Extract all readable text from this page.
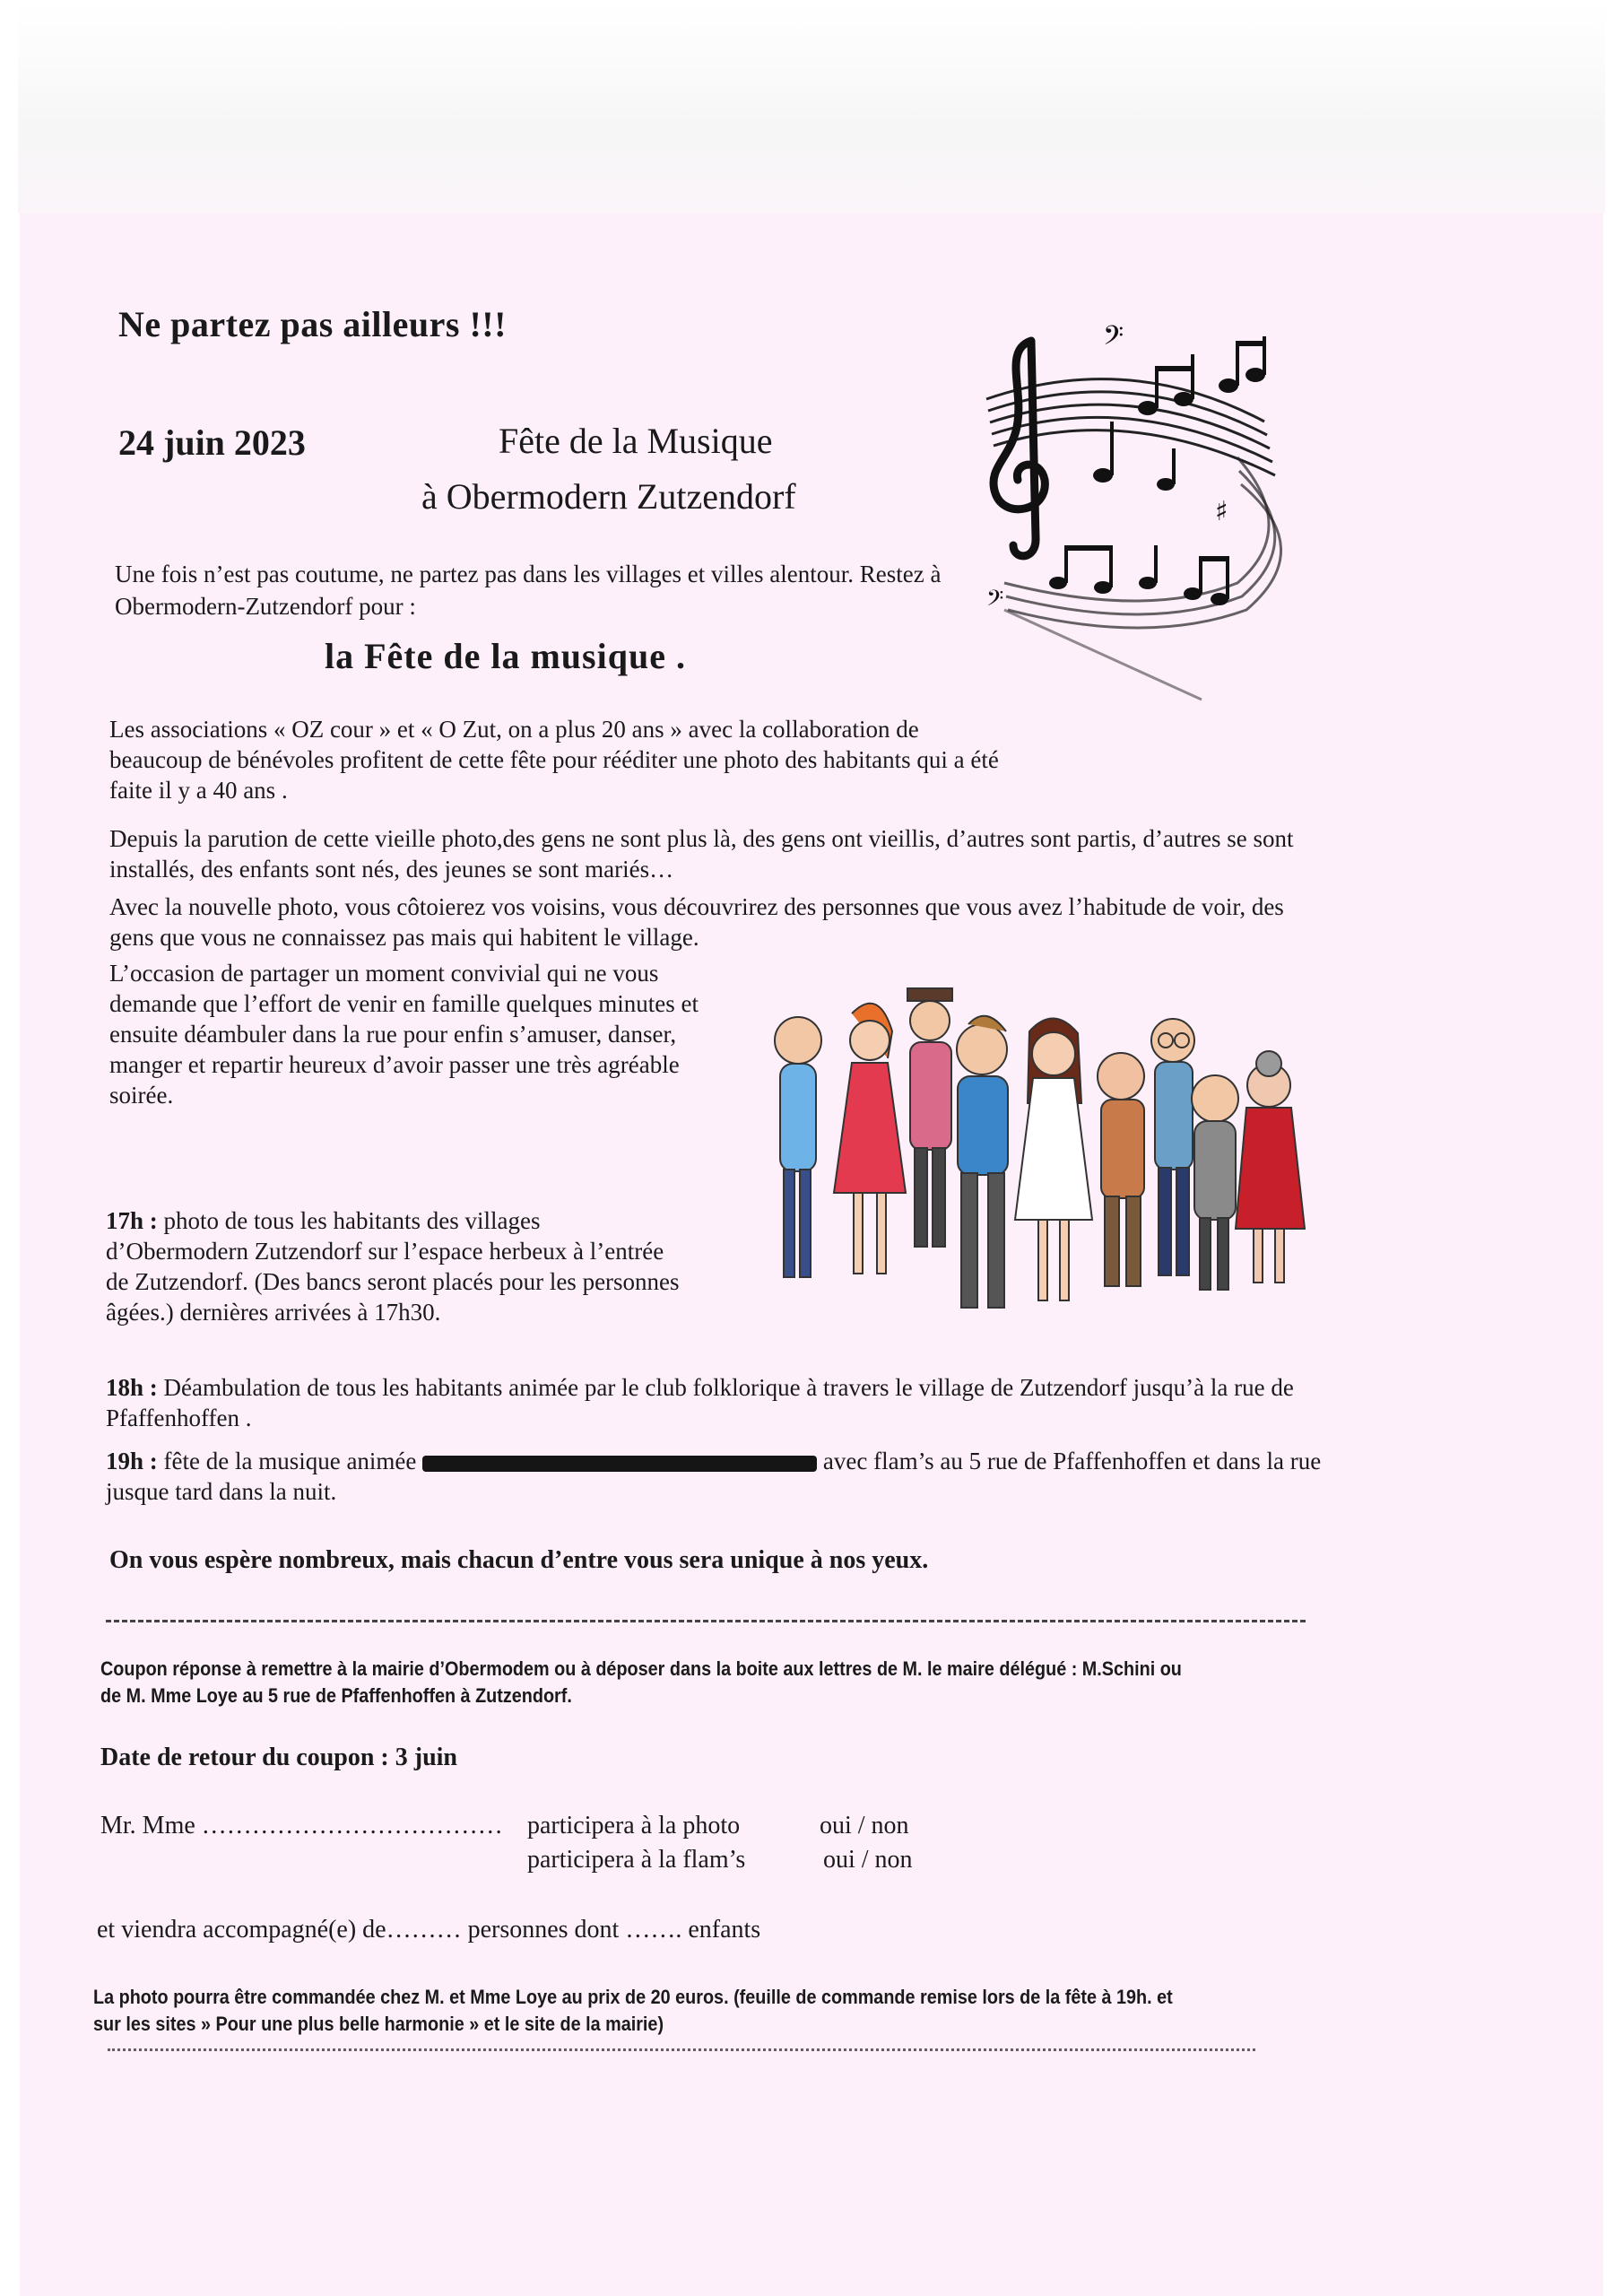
Ne partez pas ailleurs !!!
24 juin 2023	Fête de la Musique
à Obermodern Zutzendorf
𝄢
♯
𝄢
Une fois n’est pas coutume, ne partez pas dans les villages et villes alentour. Restez à Obermodern-Zutzendorf pour :
la Fête de la musique .
Les associations « OZ cour » et « O Zut, on a plus 20 ans » avec la collaboration de beaucoup de bénévoles profitent de cette fête pour rééditer une photo des habitants qui a été faite il y a 40 ans .
Depuis la parution de cette vieille photo,des gens ne sont plus là, des gens ont vieillis, d’autres sont partis, d’autres se sont installés, des enfants sont nés, des jeunes se sont mariés…
Avec la nouvelle photo, vous côtoierez vos voisins, vous découvrirez des personnes que vous avez l’habitude de voir, des gens que vous ne connaissez pas mais qui habitent le village.
L’occasion de partager un moment convivial qui ne vous demande que l’effort de venir en famille quelques minutes et ensuite déambuler dans la rue pour enfin s’amuser, danser, manger et repartir heureux d’avoir passer une très agréable soirée.
17h : photo de tous les habitants des villages d’Obermodern Zutzendorf sur l’espace herbeux à l’entrée de Zutzendorf. (Des bancs seront placés pour les personnes âgées.) dernières arrivées à 17h30.
18h : Déambulation de tous les habitants animée par le club folklorique à travers le village de Zutzendorf jusqu’à la rue de Pfaffenhoffen .
19h : fête de la musique animée	avec flam’s au 5 rue de Pfaffenhoffen et dans la rue jusque tard dans la nuit.
On vous espère nombreux, mais chacun d’entre vous sera unique à nos yeux.
Coupon réponse à remettre à la mairie d’Obermodem ou à déposer dans la boite aux lettres de M. le maire délégué : M.Schini ou de M. Mme Loye au 5 rue de Pfaffenhoffen à Zutzendorf.
Date de retour du coupon : 3 juin
Mr. Mme ……………………………… participera à la photo	oui / non
participera à la flam’s	oui / non
et viendra accompagné(e) de……… personnes dont ……. enfants
La photo pourra être commandée chez M. et Mme Loye au prix de 20 euros. (feuille de commande remise lors de la fête à 19h. et sur les sites » Pour une plus belle harmonie » et le site de la mairie)
